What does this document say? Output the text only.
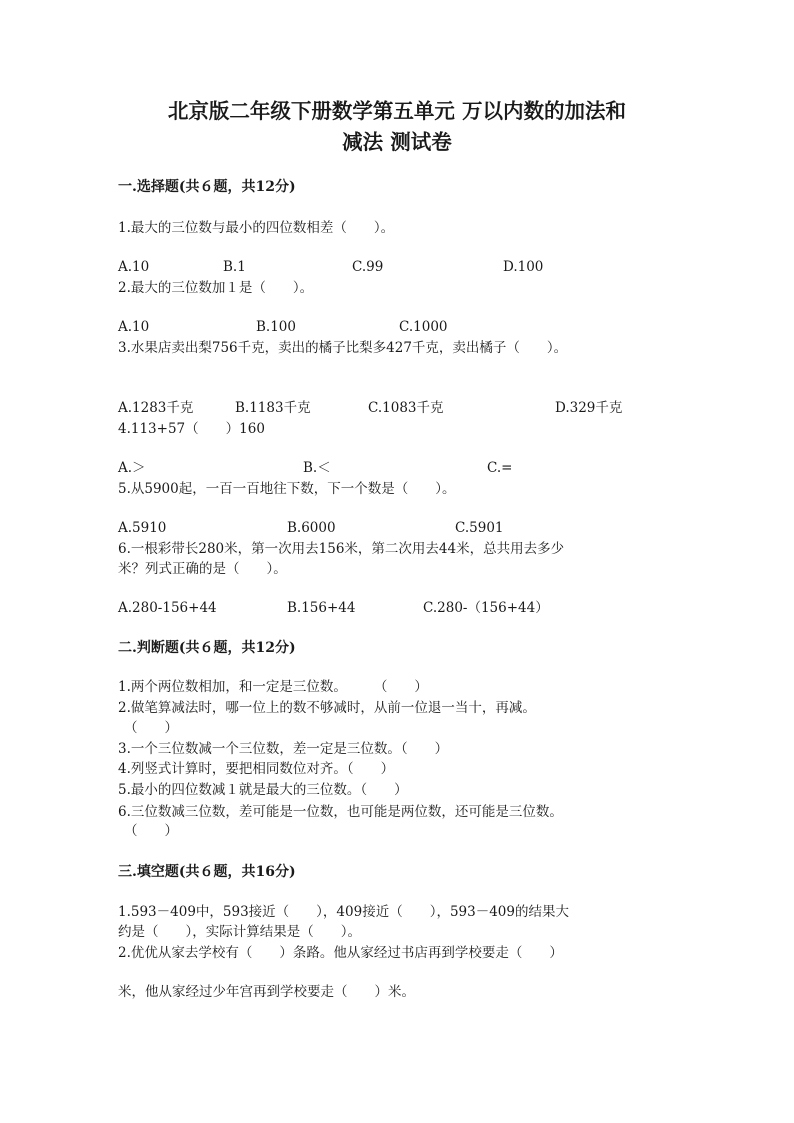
北京版二年级下册数学第五单元 万以内数的加法和
减法 测试卷
一.选择题(共６题，共12分)
1.最大的三位数与最小的四位数相差（　　）。
A.10	B.1	C.99	D.100
2.最大的三位数加１是（　　）。
A.10	B.100	C.1000
3.水果店卖出梨756千克，卖出的橘子比梨多427千克，卖出橘子（　　）。
A.1283千克	B.1183千克	C.1083千克	D.329千克
4.113+57（　　）160
A.＞	B.＜	C.=
5.从5900起，一百一百地往下数，下一个数是（　　）。
A.5910	B.6000	C.5901
6.一根彩带长280米，第一次用去156米，第二次用去44米，总共用去多少
米？列式正确的是（　　）。
A.280-156+44	B.156+44	C.280-（156+44）
二.判断题(共６题，共12分)
1.两个两位数相加，和一定是三位数。　　　（　　）
2.做笔算减法时，哪一位上的数不够减时，从前一位退一当十，再减。
（　　）
3.一个三位数减一个三位数，差一定是三位数。（　　）
4.列竖式计算时，要把相同数位对齐。（　　）
5.最小的四位数减１就是最大的三位数。（　　）
6.三位数减三位数，差可能是一位数，也可能是两位数，还可能是三位数。
（　　）
三.填空题(共６题，共16分)
1.593－409中，593接近（　　），409接近（　　），593－409的结果大
约是（　　），实际计算结果是（　　）。
2.优优从家去学校有（　　）条路。他从家经过书店再到学校要走（　　）
米，他从家经过少年宫再到学校要走（　　）米。
